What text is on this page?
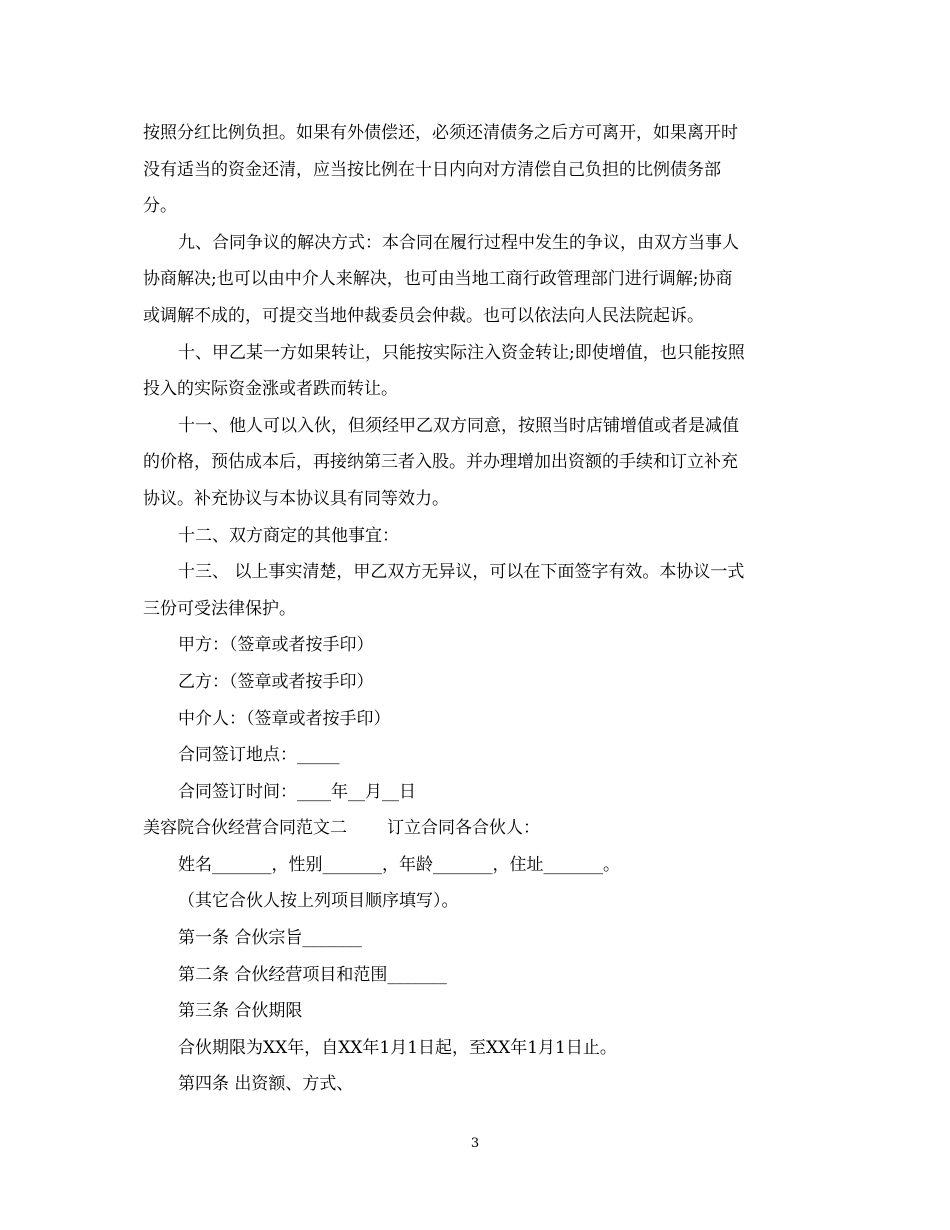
按照分红比例负担。如果有外债偿还，必须还清债务之后方可离开，如果离开时
没有适当的资金还清，应当按比例在十日内向对方清偿自己负担的比例债务部
分。
九、合同争议的解决方式：本合同在履行过程中发生的争议，由双方当事人
协商解决;也可以由中介人来解决，也可由当地工商行政管理部门进行调解;协商
或调解不成的，可提交当地仲裁委员会仲裁。也可以依法向人民法院起诉。
十、甲乙某一方如果转让，只能按实际注入资金转让;即使增值，也只能按照
投入的实际资金涨或者跌而转让。
十一、他人可以入伙，但须经甲乙双方同意，按照当时店铺增值或者是减值
的价格，预估成本后，再接纳第三者入股。并办理增加出资额的手续和订立补充
协议。补充协议与本协议具有同等效力。
十二、双方商定的其他事宜：
十三、 以上事实清楚，甲乙双方无异议，可以在下面签字有效。本协议一式
三份可受法律保护。
甲方：（签章或者按手印）
乙方：（签章或者按手印）
中介人：（签章或者按手印）
合同签订地点：_____
合同签订时间：____年__月__日
美容院合伙经营合同范文二 订立合同各合伙人：
姓名_______，性别_______，年龄_______，住址_______。
（其它合伙人按上列项目顺序填写）。
第一条 合伙宗旨_______
第二条 合伙经营项目和范围_______
第三条 合伙期限
合伙期限为XX年，自XX年1月1日起，至XX年1月1日止。
第四条 出资额、方式、
3
